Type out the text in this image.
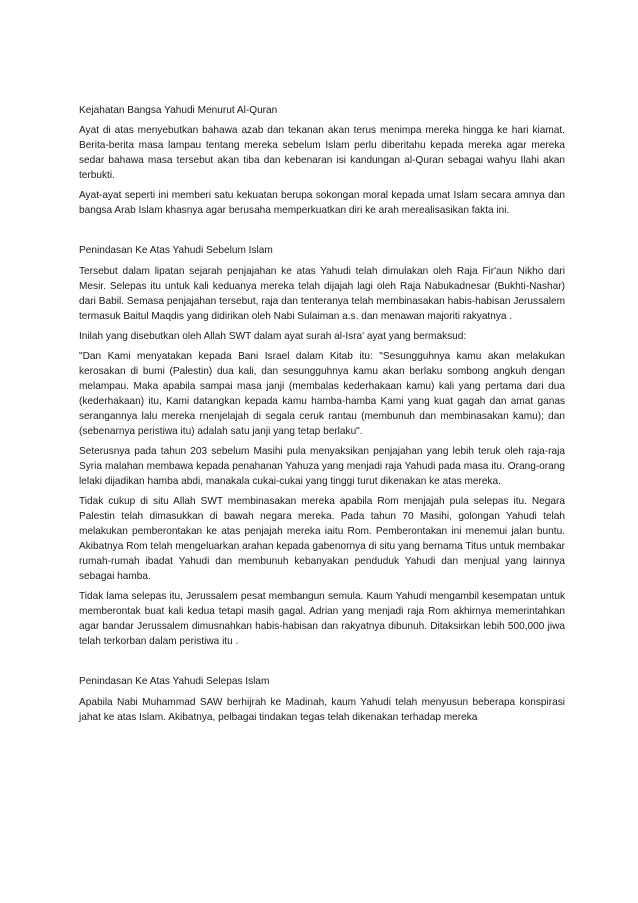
Kejahatan Bangsa Yahudi Menurut Al-Quran

Ayat di atas menyebutkan bahawa azab dan tekanan akan terus menimpa mereka hingga ke hari kiamat. Berita-berita masa lampau tentang mereka sebelum Islam perlu diberitahu kepada mereka agar mereka sedar bahawa masa tersebut akan tiba dan kebenaran isi kandungan al-Quran sebagai wahyu Ilahi akan terbukti.

Ayat-ayat seperti ini memberi satu kekuatan berupa sokongan moral kepada umat Islam secara amnya dan bangsa Arab Islam khasnya agar berusaha memperkuatkan diri ke arah merealisasikan fakta ini.

Penindasan Ke Atas Yahudi Sebelum Islam

Tersebut dalam lipatan sejarah penjajahan ke atas Yahudi telah dimulakan oleh Raja Fir'aun Nikho dari Mesir. Selepas itu untuk kali keduanya mereka telah dijajah lagi oleh Raja Nabukadnesar (Bukhti-Nashar) dari Babil. Semasa penjajahan tersebut, raja dan tenteranya telah membinasakan habis-habisan Jerussalem termasuk Baitul Maqdis yang didirikan oleh Nabi Sulaiman a.s. dan menawan majoriti rakyatnya .

Inilah yang disebutkan oleh Allah SWT dalam ayat surah al-Isra' ayat yang bermaksud:

"Dan Kami menyatakan kepada Bani Israel dalam Kitab itu: "Sesungguhnya kamu akan melakukan kerosakan di bumi (Palestin) dua kali, dan sesungguhnya kamu akan berlaku sombong angkuh dengan melampau. Maka apabila sampai masa janji (membalas kederhakaan kamu) kali yang pertama dari dua (kederhakaan) itu, Kami datangkan kepada kamu hamba-hamba Kami yang kuat gagah dan amat ganas serangannya lalu mereka rnenjelajah di segala ceruk rantau (membunuh dan membinasakan kamu); dan (sebenarnya peristiwa itu) adalah satu janji yang tetap berlaku".

Seterusnya pada tahun 203 sebelum Masihi pula menyaksikan penjajahan yang lebih teruk oleh raja-raja Syria malahan membawa kepada penahanan Yahuza yang menjadi raja Yahudi pada masa itu. Orang-orang lelaki dijadikan hamba abdi, manakala cukai-cukai yang tinggi turut dikenakan ke atas mereka.

Tidak cukup di situ Allah SWT membinasakan mereka apabila Rom menjajah pula selepas itu. Negara Palestin telah dimasukkan di bawah negara mereka. Pada tahun 70 Masihi, golongan Yahudi telah melakukan pemberontakan ke atas penjajah mereka iaitu Rom. Pemberontakan ini menemui jalan buntu. Akibatnya Rom telah mengeluarkan arahan kepada gabenornya di situ yang bernama Titus untuk membakar rumah-rumah ibadat Yahudi dan membunuh kebanyakan penduduk Yahudi dan menjual yang lainnya sebagai hamba.

Tidak lama selepas itu, Jerussalem pesat membangun semula. Kaum Yahudi mengambil kesempatan untuk memberontak buat kali kedua tetapi masih gagal. Adrian yang menjadi raja Rom akhirnya memerintahkan agar bandar Jerussalem dimusnahkan habis-habisan dan rakyatnya dibunuh. Ditaksirkan lebih 500,000 jiwa telah terkorban dalam peristiwa itu .

Penindasan Ke Atas Yahudi Selepas Islam

Apabila Nabi Muhammad SAW berhijrah ke Madinah, kaum Yahudi telah menyusun beberapa konspirasi jahat ke atas Islam. Akibatnya, pelbagai tindakan tegas telah dikenakan terhadap mereka
